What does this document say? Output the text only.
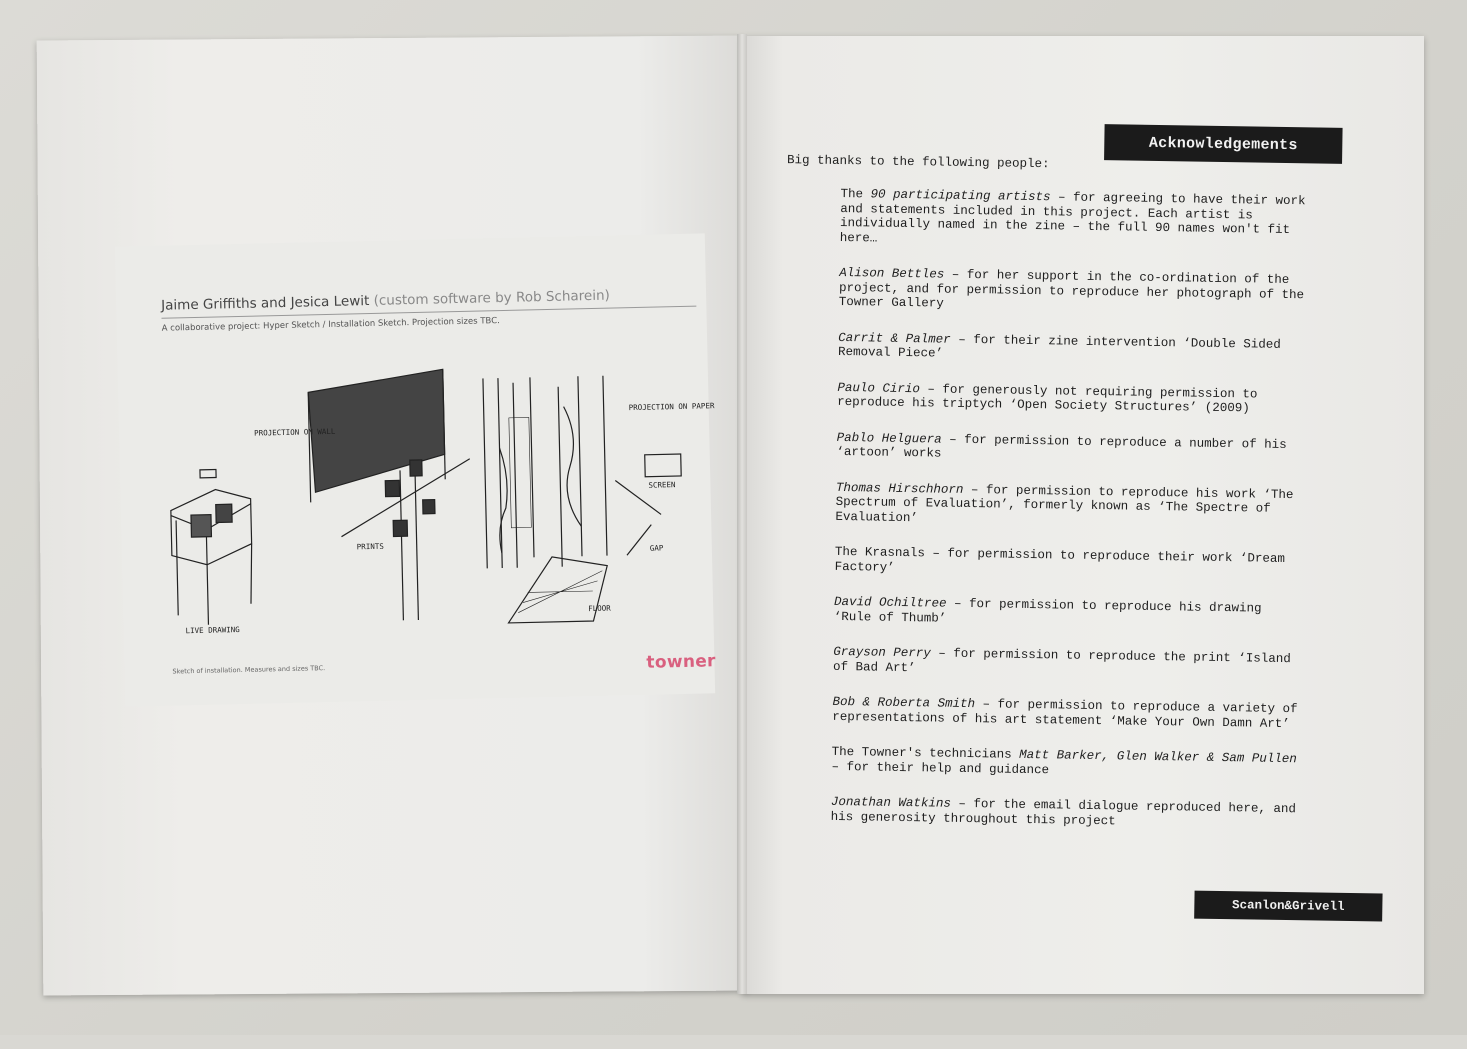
Jaime Griffiths and Jesica Lewit (custom software by Rob Scharein)
A collaborative project: Hyper Sketch / Installation Sketch. Projection sizes TBC.
PROJECTION ON WALL
PROJECTION ON PAPER
PRINTS	GAP
FLOOR
LIVE DRAWING
SCREEN
Sketch of installation. Measures and sizes TBC.	towner
Acknowledgements
Big thanks to the following people:
The 90 participating artists – for agreeing to have their work and statements included in this project. Each artist is individually named in the zine – the full 90 names won't fit here…
Alison Bettles – for her support in the co-ordination of the project, and for permission to reproduce her photograph of the Towner Gallery
Carrit & Palmer – for their zine intervention ‘Double Sided Removal Piece’
Paulo Cirio – for generously not requiring permission to reproduce his triptych ‘Open Society Structures’ (2009)
Pablo Helguera – for permission to reproduce a number of his ‘artoon’ works
Thomas Hirschhorn – for permission to reproduce his work ‘The Spectrum of Evaluation’, formerly known as ‘The Spectre of Evaluation’
The Krasnals – for permission to reproduce their work ‘Dream Factory’
David Ochiltree – for permission to reproduce his drawing ‘Rule of Thumb’
Grayson Perry – for permission to reproduce the print ‘Island of Bad Art’
Bob & Roberta Smith – for permission to reproduce a variety of representations of his art statement ‘Make Your Own Damn Art’
The Towner's technicians Matt Barker, Glen Walker & Sam Pullen – for their help and guidance
Jonathan Watkins – for the email dialogue reproduced here, and his generosity throughout this project
Scanlon&Grivell
